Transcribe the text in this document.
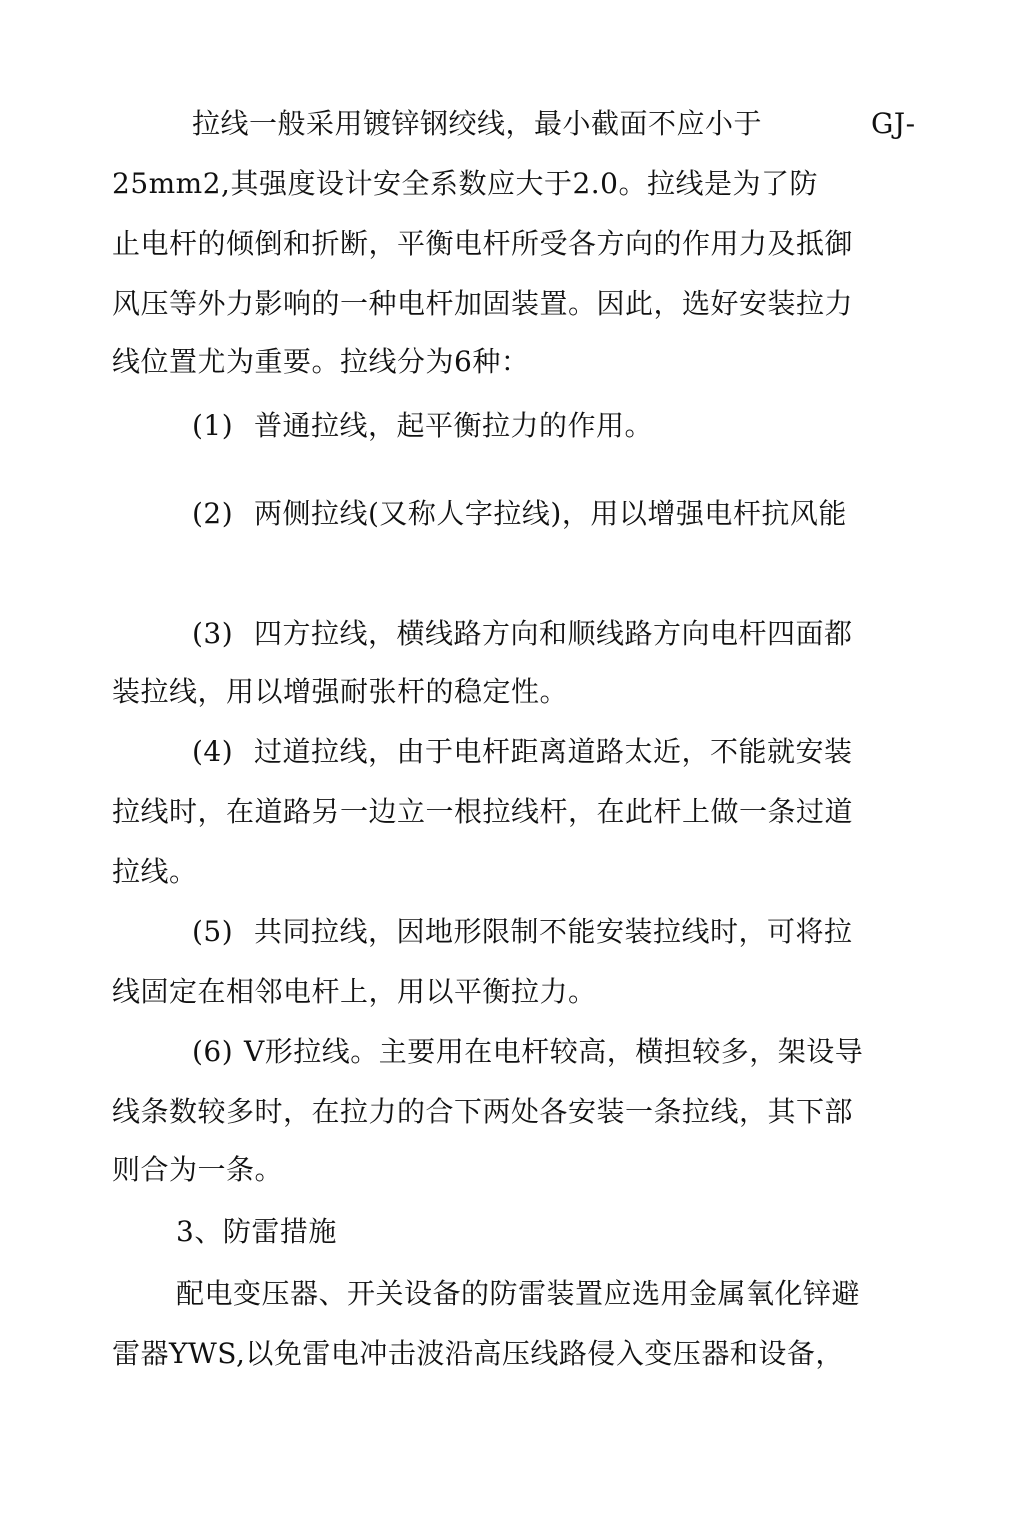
拉线一般采用镀锌钢绞线，最小截面不应小于	GJ-
25mm2,其强度设计安全系数应大于2.0。拉线是为了防
止电杆的倾倒和折断，平衡电杆所受各方向的作用力及抵御
风压等外力影响的一种电杆加固装置。因此，选好安装拉力
线位置尤为重要。拉线分为6种：
(1) 普通拉线，起平衡拉力的作用。
(2) 两侧拉线(又称人字拉线)，用以增强电杆抗风能
(3) 四方拉线，横线路方向和顺线路方向电杆四面都
装拉线，用以增强耐张杆的稳定性。
(4) 过道拉线，由于电杆距离道路太近，不能就安装
拉线时，在道路另一边立一根拉线杆，在此杆上做一条过道
拉线。
(5) 共同拉线，因地形限制不能安装拉线时，可将拉
线固定在相邻电杆上，用以平衡拉力。
(6) V形拉线。主要用在电杆较高，横担较多，架设导
线条数较多时，在拉力的合下两处各安装一条拉线，其下部
则合为一条。
3、防雷措施
配电变压器、开关设备的防雷装置应选用金属氧化锌避
雷器YWS,以免雷电冲击波沿高压线路侵入变压器和设备，
